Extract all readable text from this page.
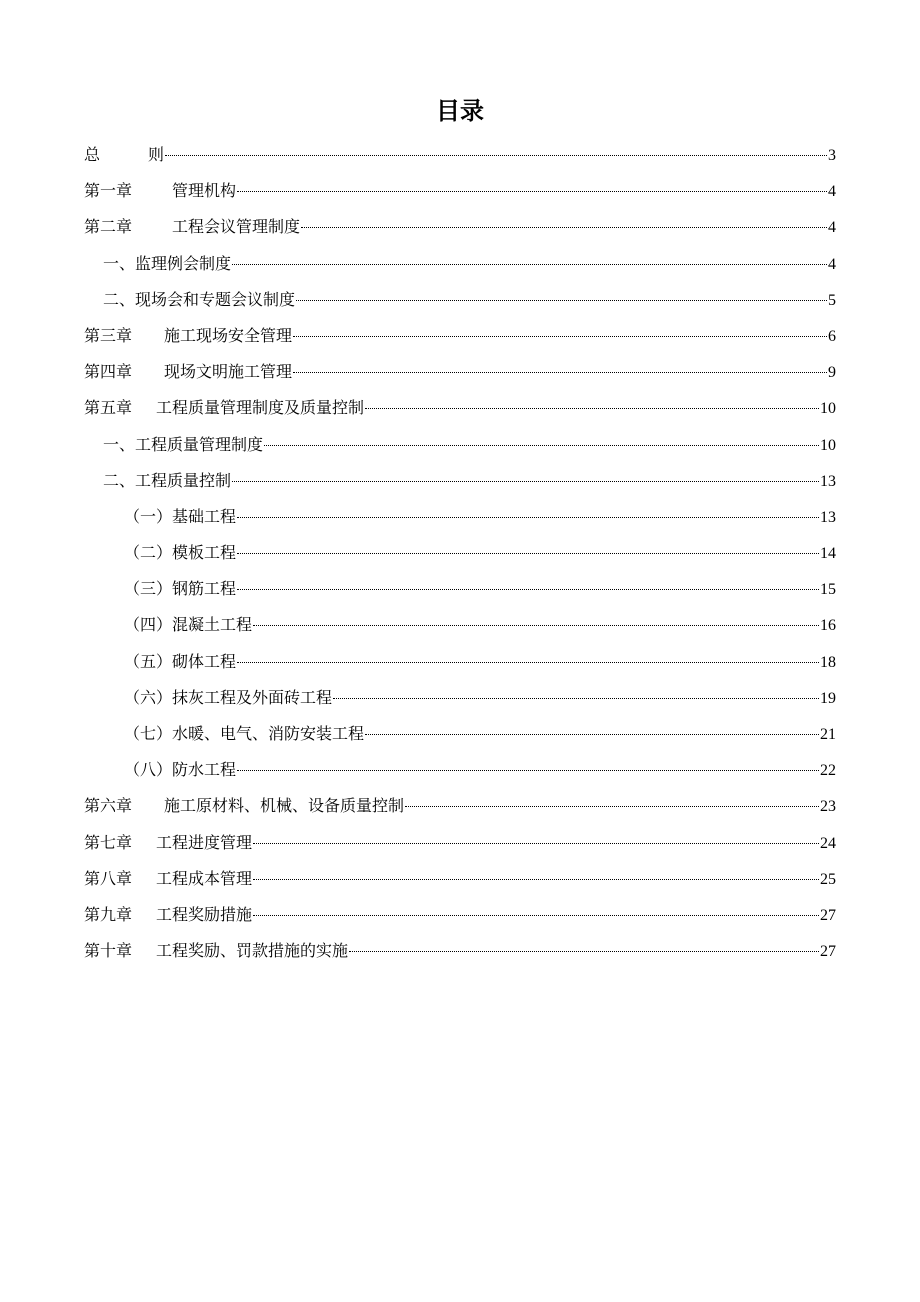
目录
总	则	3
第一章	管理机构	4
第二章	工程会议管理制度	4
一、监理例会制度	4
二、现场会和专题会议制度	5
第三章 施工现场安全管理	6
第四章 现场文明施工管理	9
第五章 工程质量管理制度及质量控制	10
一、工程质量管理制度	10
二、工程质量控制	13
（一）基础工程	13
（二）模板工程	14
（三）钢筋工程	15
（四）混凝土工程	16
（五）砌体工程	18
（六）抹灰工程及外面砖工程	19
（七）水暖、电气、消防安装工程	21
（八）防水工程	22
第六章 施工原材料、机械、设备质量控制	23
第七章 工程进度管理	24
第八章 工程成本管理	25
第九章 工程奖励措施	27
第十章 工程奖励、罚款措施的实施	27
